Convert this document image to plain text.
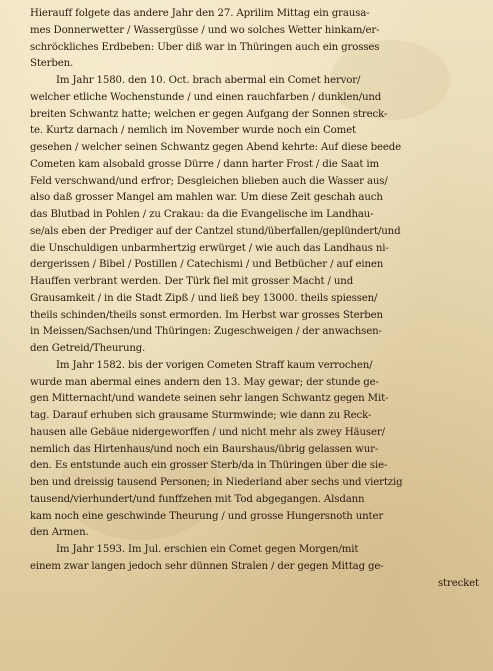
Hierauff folgete das andere Jahr den 27. Aprilim Mittag ein grausa-
mes Donnerwetter / Wassergüsse / und wo solches Wetter hinkam/er-
schröckliches Erdbeben: Uber diß war in Thüringen auch ein grosses
Sterben.
Im Jahr 1580. den 10. Oct. brach abermal ein Comet hervor/
welcher etliche Wochenstunde / und einen rauchfarben / dunklen/und
breiten Schwantz hatte; welchen er gegen Aufgang der Sonnen streck-
te. Kurtz darnach / nemlich im November wurde noch ein Comet
gesehen / welcher seinen Schwantz gegen Abend kehrte: Auf diese beede
Cometen kam alsobald grosse Dürre / dann harter Frost / die Saat im
Feld verschwand/und erfror; Desgleichen blieben auch die Wasser aus/
also daß grosser Mangel am mahlen war. Um diese Zeit geschah auch
das Blutbad in Pohlen / zu Crakau: da die Evangelische im Landhau-
se/als eben der Prediger auf der Cantzel stund/überfallen/geplündert/und
die Unschuldigen unbarmhertzig erwürget / wie auch das Landhaus ni-
dergerissen / Bibel / Postillen / Catechismi / und Betbücher / auf einen
Hauffen verbrant werden. Der Türk fiel mit grosser Macht / und
Grausamkeit / in die Stadt Zipß / und ließ bey 13000. theils spiessen/
theils schinden/theils sonst ermorden. Im Herbst war grosses Sterben
in Meissen/Sachsen/und Thüringen: Zugeschweigen / der anwachsen-
den Getreid/Theurung.
Im Jahr 1582. bis der vorigen Cometen Straff kaum verrochen/
wurde man abermal eines andern den 13. May gewar; der stunde ge-
gen Mitternacht/und wandete seinen sehr langen Schwantz gegen Mit-
tag. Darauf erhuben sich grausame Sturmwinde; wie dann zu Reck-
hausen alle Gebäue nidergeworffen / und nicht mehr als zwey Häuser/
nemlich das Hirtenhaus/und noch ein Baurshaus/übrig gelassen wur-
den. Es entstunde auch ein grosser Sterb/da in Thüringen über die sie-
ben und dreissig tausend Personen; in Niederland aber sechs und viertzig
tausend/vierhundert/und funffzehen mit Tod abgegangen. Alsdann
kam noch eine geschwinde Theurung / und grosse Hungersnoth unter
den Armen.
Im Jahr 1593. Im Jul. erschien ein Comet gegen Morgen/mit
einem zwar langen jedoch sehr dünnen Stralen / der gegen Mittag ge-
strecket
